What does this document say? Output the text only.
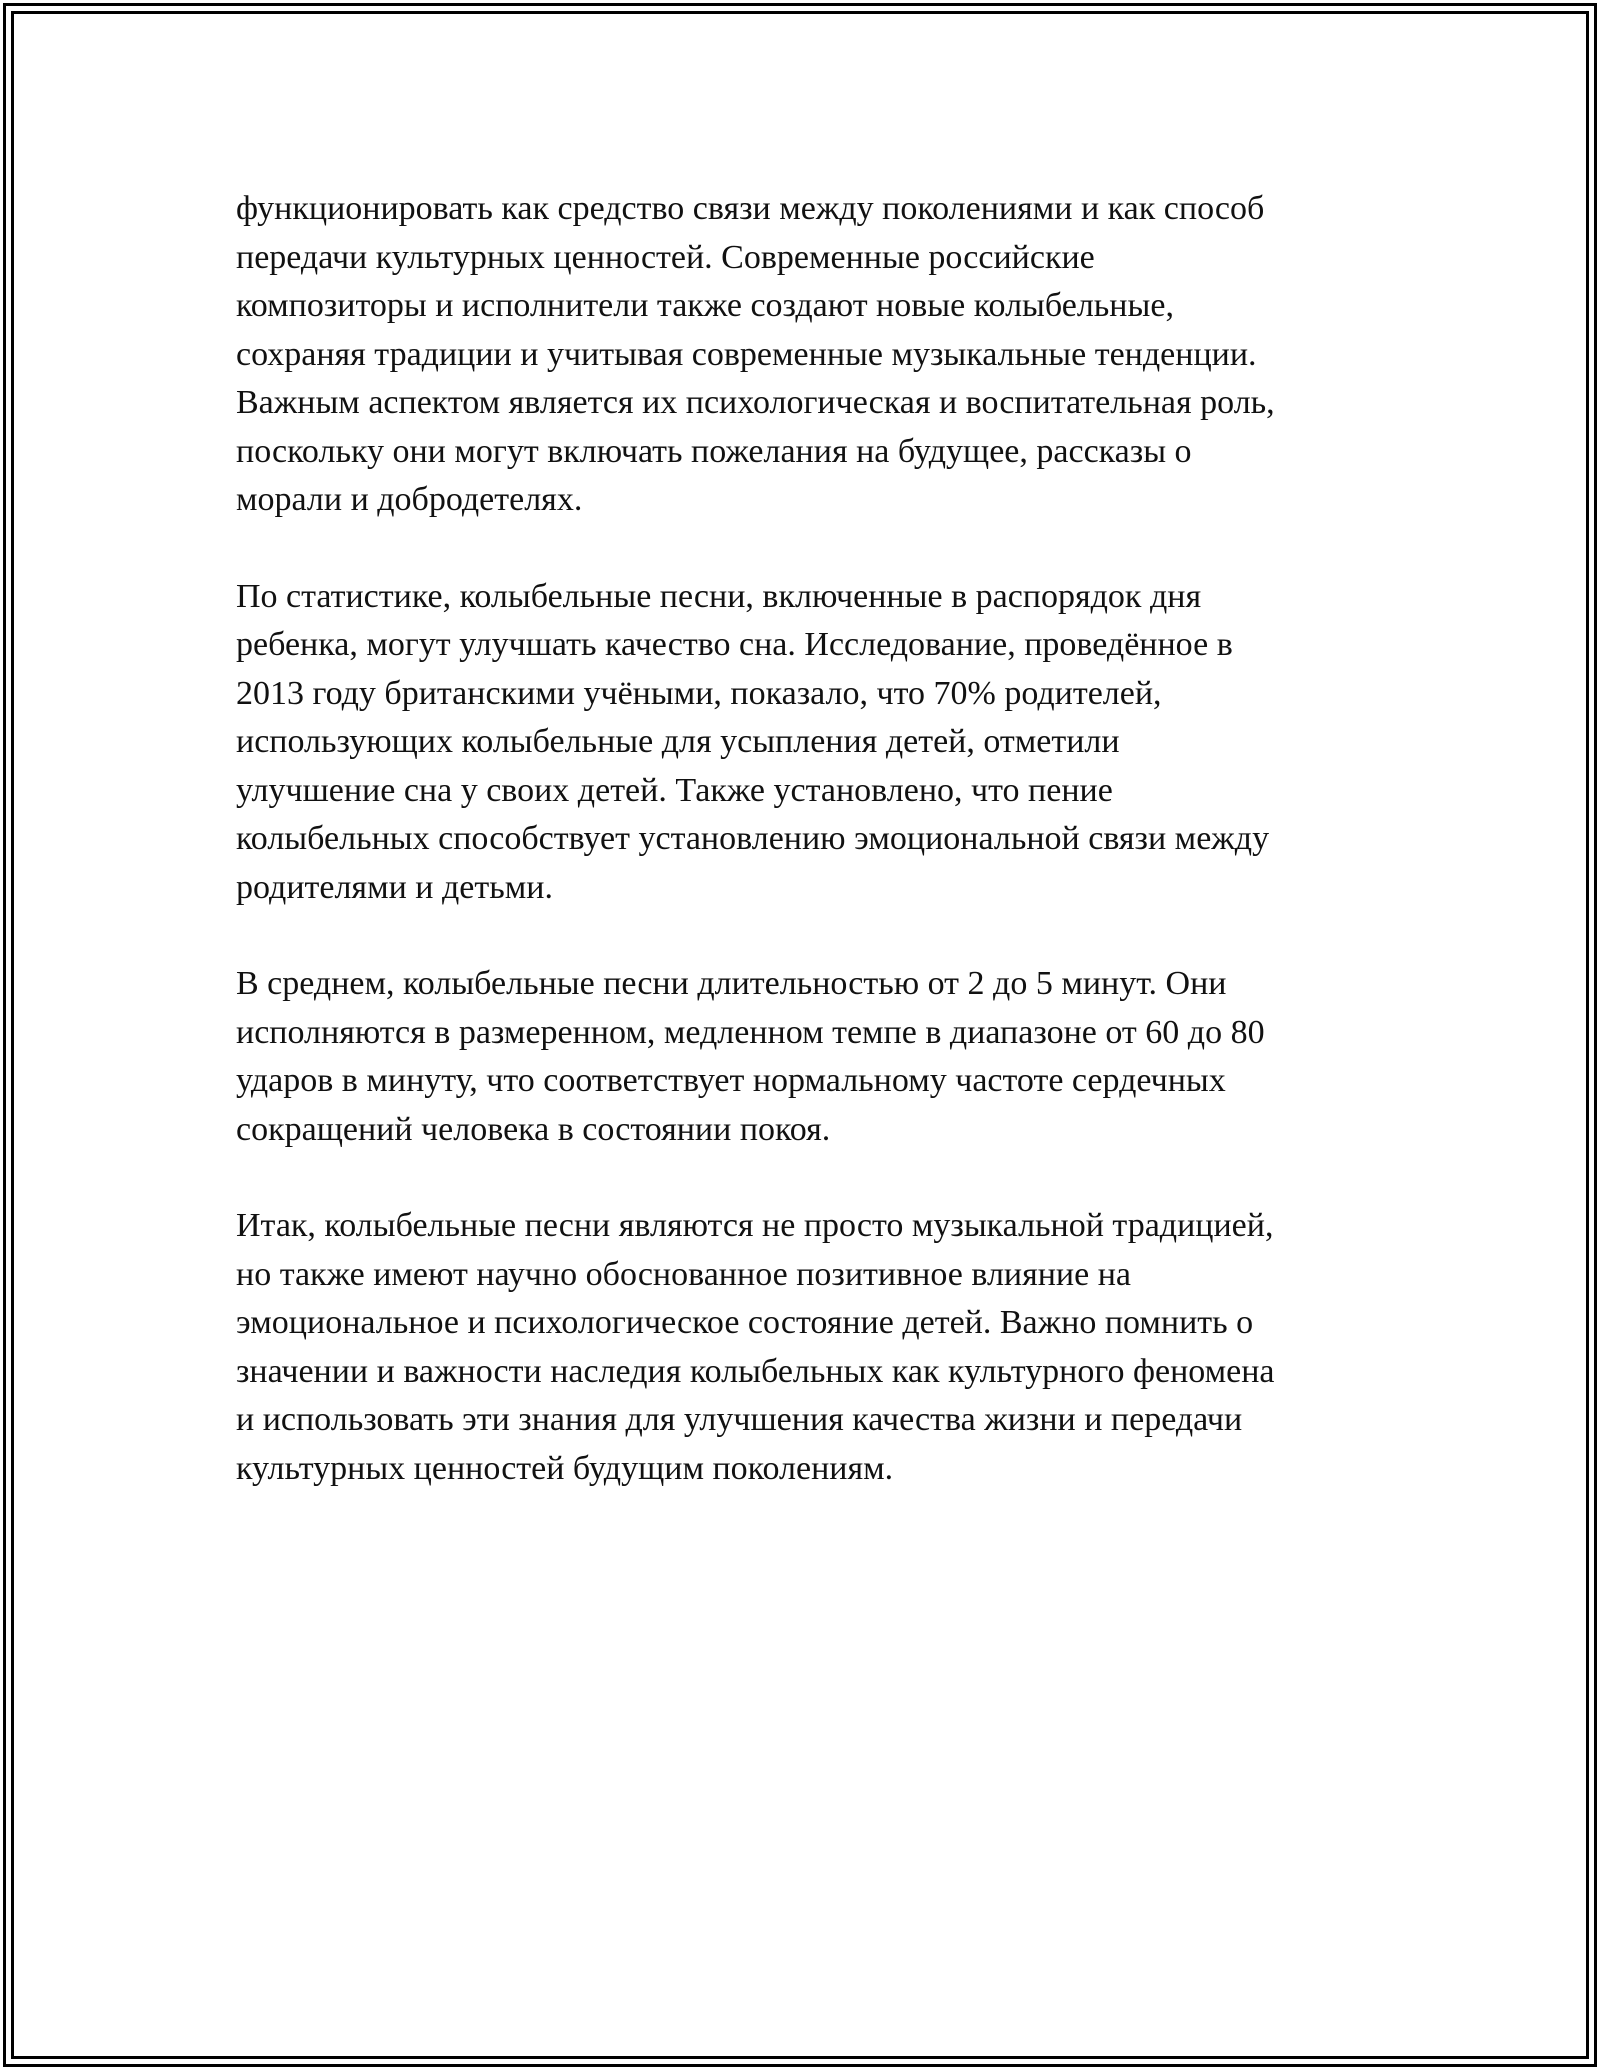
функционировать как средство связи между поколениями и как способ
передачи культурных ценностей. Современные российские
композиторы и исполнители также создают новые колыбельные,
сохраняя традиции и учитывая современные музыкальные тенденции.
Важным аспектом является их психологическая и воспитательная роль,
поскольку они могут включать пожелания на будущее, рассказы о
морали и добродетелях.

По статистике, колыбельные песни, включенные в распорядок дня
ребенка, могут улучшать качество сна. Исследование, проведённое в
2013 году британскими учёными, показало, что 70% родителей,
использующих колыбельные для усыпления детей, отметили
улучшение сна у своих детей. Также установлено, что пение
колыбельных способствует установлению эмоциональной связи между
родителями и детьми.

В среднем, колыбельные песни длительностью от 2 до 5 минут. Они
исполняются в размеренном, медленном темпе в диапазоне от 60 до 80
ударов в минуту, что соответствует нормальному частоте сердечных
сокращений человека в состоянии покоя.

Итак, колыбельные песни являются не просто музыкальной традицией,
но также имеют научно обоснованное позитивное влияние на
эмоциональное и психологическое состояние детей. Важно помнить о
значении и важности наследия колыбельных как культурного феномена
и использовать эти знания для улучшения качества жизни и передачи
культурных ценностей будущим поколениям.
